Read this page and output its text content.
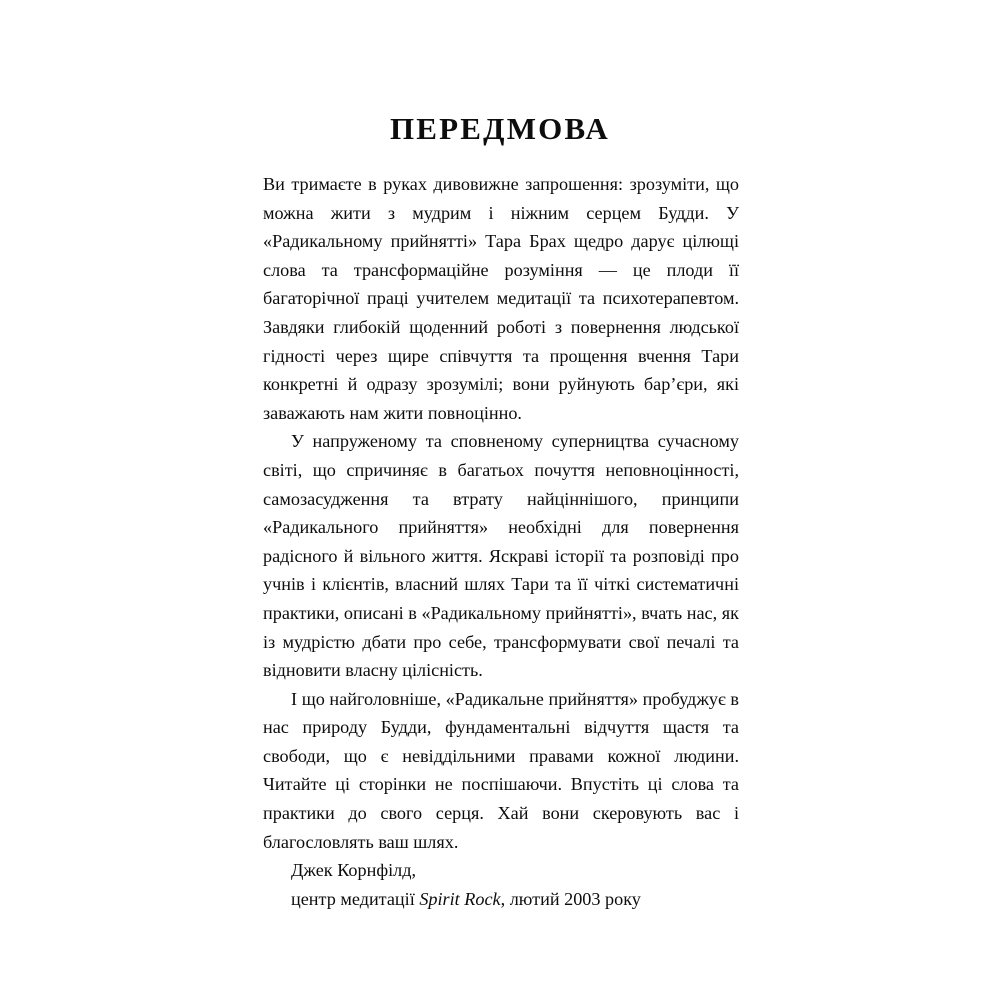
ПЕРЕДМОВА

Ви тримаєте в руках дивовижне запрошення: зрозуміти, що можна жити з мудрим і ніжним серцем Будди. У «Радикальному прийнятті» Тара Брах щедро дарує цілющі слова та трансформаційне розуміння — це плоди її багаторічної праці учителем медитації та психотерапевтом. Завдяки глибокій щоденний роботі з повернення людської гідності через щире співчуття та прощення вчення Тари конкретні й одразу зрозумілі; вони руйнують бар’єри, які заважають нам жити повноцінно.

У напруженому та сповненому суперництва сучасному світі, що спричиняє в багатьох почуття неповноцінності, самозасудження та втрату найціннішого, принципи «Радикального прийняття» необхідні для повернення радісного й вільного життя. Яскраві історії та розповіді про учнів і клієнтів, власний шлях Тари та її чіткі систематичні практики, описані в «Радикальному прийнятті», вчать нас, як із мудрістю дбати про себе, трансформувати свої печалі та відновити власну цілісність.

І що найголовніше, «Радикальне прийняття» пробуджує в нас природу Будди, фундаментальні відчуття щастя та свободи, що є невіддільними правами кожної людини. Читайте ці сторінки не поспішаючи. Впустіть ці слова та практики до свого серця. Хай вони скеровують вас і благословлять ваш шлях.

Джек Корнфілд,

центр медитації Spirit Rock, лютий 2003 року
